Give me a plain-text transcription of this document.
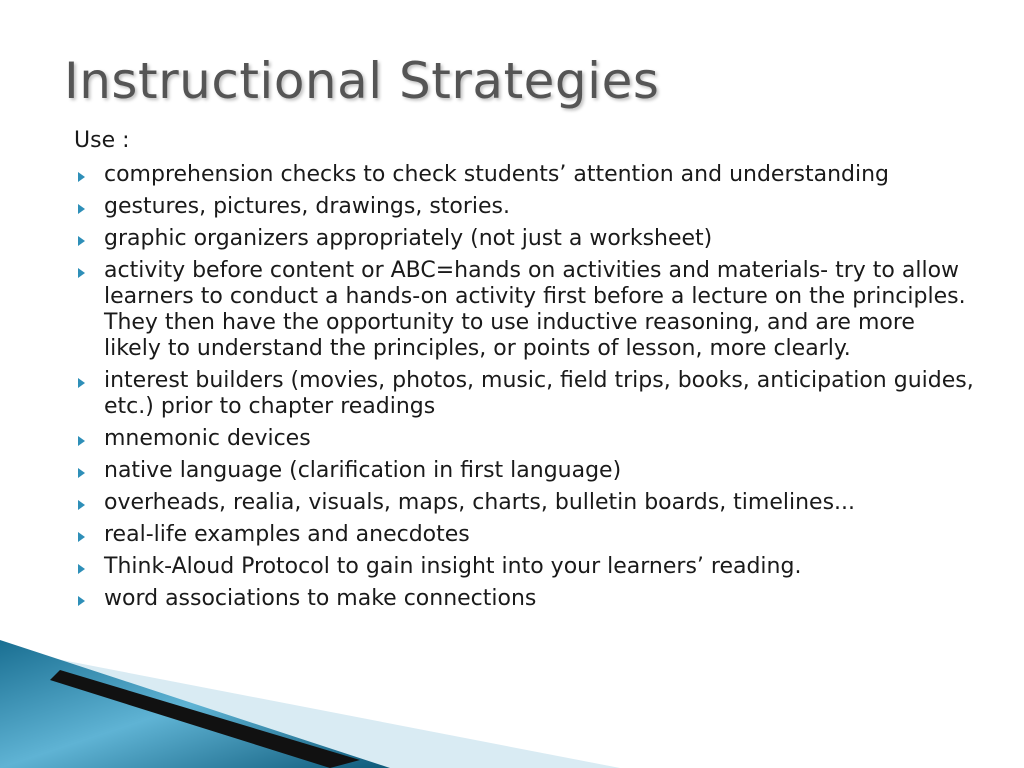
Instructional Strategies
Use :
comprehension checks to check students’ attention and understanding
gestures, pictures, drawings, stories.
graphic organizers appropriately (not just a worksheet)
activity before content or ABC=hands on activities and materials- try to allow learners to conduct a hands-on activity first before a lecture on the principles. They then have the opportunity to use inductive reasoning, and are more likely to understand the principles, or points of lesson, more clearly.
interest builders (movies, photos, music, field trips, books, anticipation guides, etc.) prior to chapter readings
mnemonic devices
native language (clarification in first language)
overheads, realia, visuals, maps, charts, bulletin boards, timelines...
real-life examples and anecdotes
Think-Aloud Protocol to gain insight into your learners’ reading.
word associations to make connections
